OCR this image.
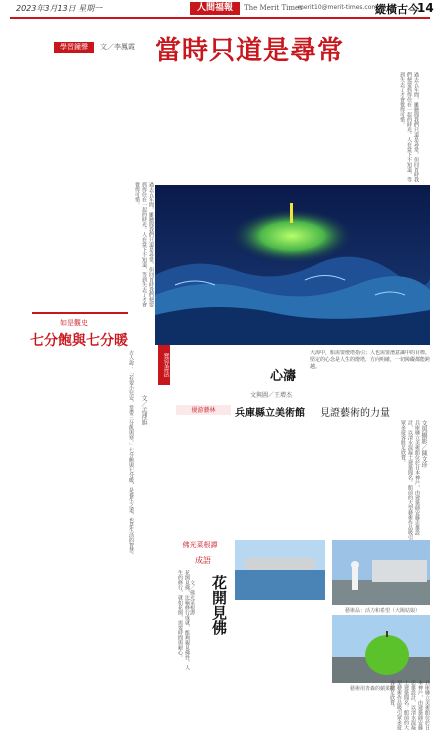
2023年3月13日 星期一	人間福報	The Merit Times
merit10@merit-times.com.tw
縱橫古今
14
學習鐘聲	文／李鳳霞 當時只道是尋常
過去五年間，雖聽聞我們只道是尋常，但回首時我們便要抓得住在一起的時光。人在當下不知道，等到失去了才會覺得可惜。
過去五年間，雖聽聞我們只道是尋常，但回首時我們便要抓得住在一起的時光。人在當下不知道，等到失去了才會覺得可惜。
如是觀史
七分飽與七分暖
文／孟溥旗
古人說：「若要小兒安，常帶三分飢與寒。」七分飽與七分暖，是養生之道，也是生活的智慧。	寬容書法	心濤
文與圖／王增杰
大海中，船需要燈塔指引；人也需要潛意識中的目標。堅定的心念是人生的燈塔，方向明確，一切障礙都能跨越。
優游藝林	兵庫縣立美術館 見證藝術的力量
文與攝影／陳文珍
兵庫縣立美術館位於日本神戶，由建築師安藤忠雄設計，以清水混凝土建築聞名。館前的大型藝術作品吸引眾多遊客駐足欣賞。
藝術品：活力和希望（大陽姑娘）
藝術用青森的蘋果樹
佛光菜根譚
成語
花開見佛
文／佛光菜根譚
花開見佛，比喻修行成就，能夠親見佛性。人生的修行，就如花開，需要時間與耐心。
兵庫縣立美術館位於日本神戶，由建築師安藤忠雄設計，以清水混凝土建築聞名。館前的大型藝術作品吸引眾多遊客駐足欣賞。
